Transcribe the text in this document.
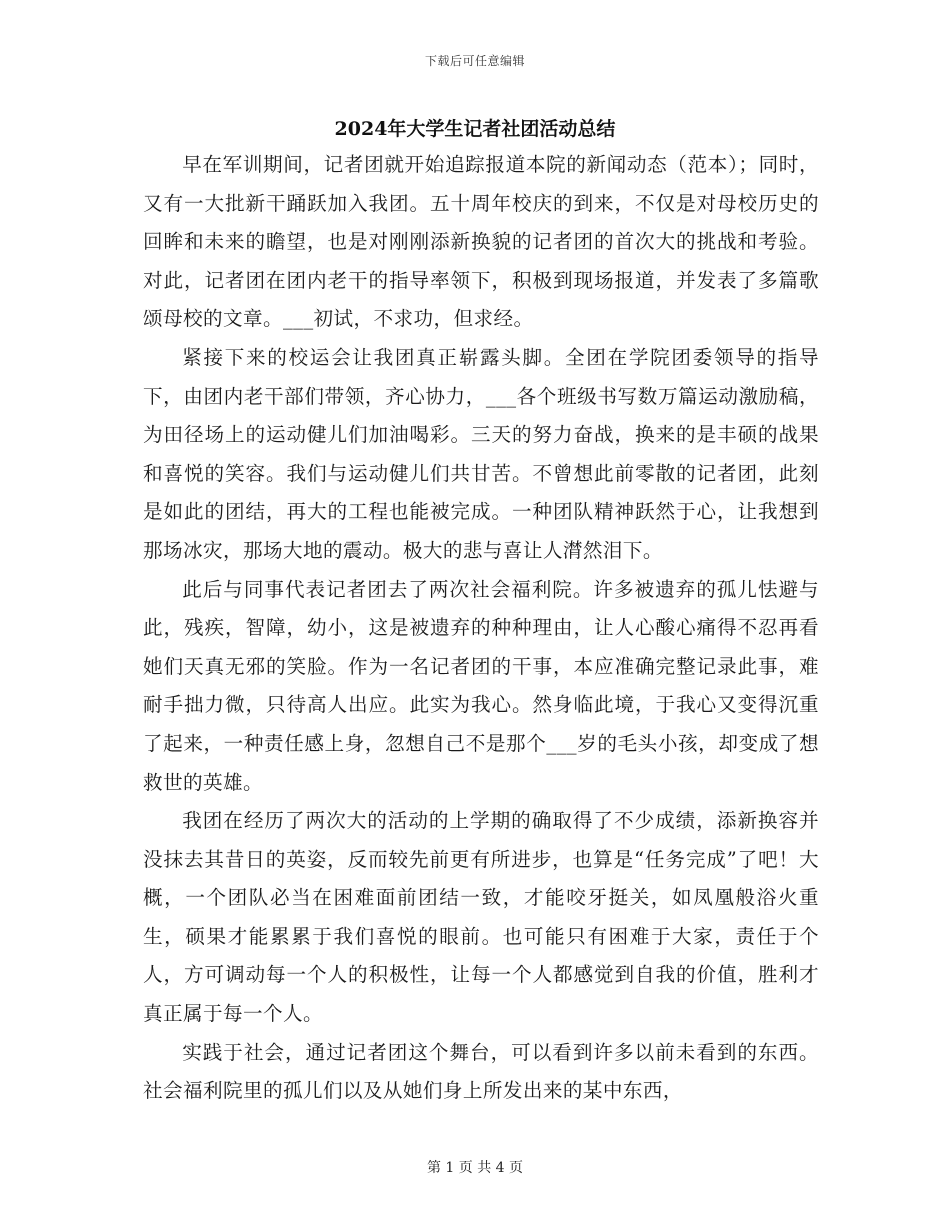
下载后可任意编辑
2024年大学生记者社团活动总结

早在军训期间，记者团就开始追踪报道本院的新闻动态（范本）；同时，又有一大批新干踊跃加入我团。五十周年校庆的到来，不仅是对母校历史的回眸和未来的瞻望，也是对刚刚添新换貌的记者团的首次大的挑战和考验。对此，记者团在团内老干的指导率领下，积极到现场报道，并发表了多篇歌颂母校的文章。___初试，不求功，但求经。

紧接下来的校运会让我团真正崭露头脚。全团在学院团委领导的指导下，由团内老干部们带领，齐心协力，___各个班级书写数万篇运动激励稿，为田径场上的运动健儿们加油喝彩。三天的努力奋战，换来的是丰硕的战果和喜悦的笑容。我们与运动健儿们共甘苦。不曾想此前零散的记者团，此刻是如此的团结，再大的工程也能被完成。一种团队精神跃然于心，让我想到那场冰灾，那场大地的震动。极大的悲与喜让人潸然泪下。

此后与同事代表记者团去了两次社会福利院。许多被遗弃的孤儿怯避与此，残疾，智障，幼小，这是被遗弃的种种理由，让人心酸心痛得不忍再看她们天真无邪的笑脸。作为一名记者团的干事，本应准确完整记录此事，难耐手拙力微，只待高人出应。此实为我心。然身临此境，于我心又变得沉重了起来，一种责任感上身，忽想自己不是那个___岁的毛头小孩，却变成了想救世的英雄。

我团在经历了两次大的活动的上学期的确取得了不少成绩，添新换容并没抹去其昔日的英姿，反而较先前更有所进步，也算是“任务完成”了吧！大概，一个团队必当在困难面前团结一致，才能咬牙挺关，如凤凰般浴火重生，硕果才能累累于我们喜悦的眼前。也可能只有困难于大家，责任于个人，方可调动每一个人的积极性，让每一个人都感觉到自我的价值，胜利才真正属于每一个人。

实践于社会，通过记者团这个舞台，可以看到许多以前未看到的东西。社会福利院里的孤儿们以及从她们身上所发出来的某中东西，

第 1 页 共 4 页
